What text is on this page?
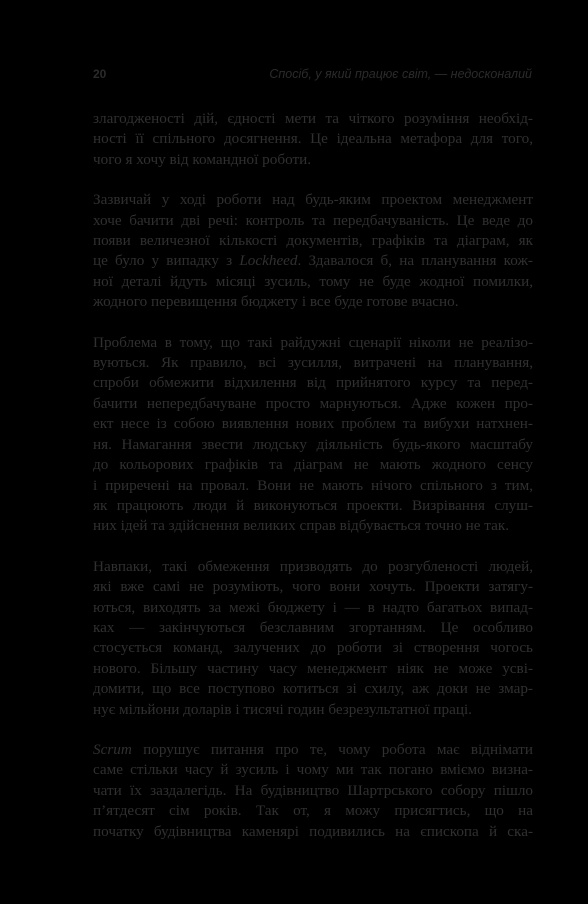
20	Спосіб, у який працює світ, — недосконалий

злагодженості дій, єдності мети та чіткого розуміння необхід-
ності її спільного досягнення. Це ідеальна метафора для того,
чого я хочу від командної роботи.

Зазвичай у ході роботи над будь-яким проектом менеджмент
хоче бачити дві речі: контроль та передбачуваність. Це веде до
появи величезної кількості документів, графіків та діаграм, як
це було у випадку з Lockheed. Здавалося б, на планування кож-
ної деталі йдуть місяці зусиль, тому не буде жодної помилки,
жодного перевищення бюджету і все буде готове вчасно.

Проблема в тому, що такі райдужні сценарії ніколи не реалізо-
вуються. Як правило, всі зусилля, витрачені на планування,
спроби обмежити відхилення від прийнятого курсу та перед-
бачити непередбачуване просто марнуються. Адже кожен про-
ект несе із собою виявлення нових проблем та вибухи натхнен-
ня. Намагання звести людську діяльність будь-якого масштабу
до кольорових графіків та діаграм не мають жодного сенсу
і приречені на провал. Вони не мають нічого спільного з тим,
як працюють люди й виконуються проекти. Визрівання слуш-
них ідей та здійснення великих справ відбувається точно не так.

Навпаки, такі обмеження призводять до розгубленості людей,
які вже самі не розуміють, чого вони хочуть. Проекти затягу-
ються, виходять за межі бюджету і — в надто багатьох випад-
ках — закінчуються безславним згортанням. Це особливо
стосується команд, залучених до роботи зі створення чогось
нового. Більшу частину часу менеджмент ніяк не може усві-
домити, що все поступово котиться зі схилу, аж доки не змар-
нує мільйони доларів і тисячі годин безрезультатної праці.

Scrum порушує питання про те, чому робота має віднімати
саме стільки часу й зусиль і чому ми так погано вміємо визна-
чати їх заздалегідь. На будівництво Шартрського собору пішло
п’ятдесят сім років. Так от, я можу присягтись, що на
початку будівництва каменярі подивились на єпископа й ска-
